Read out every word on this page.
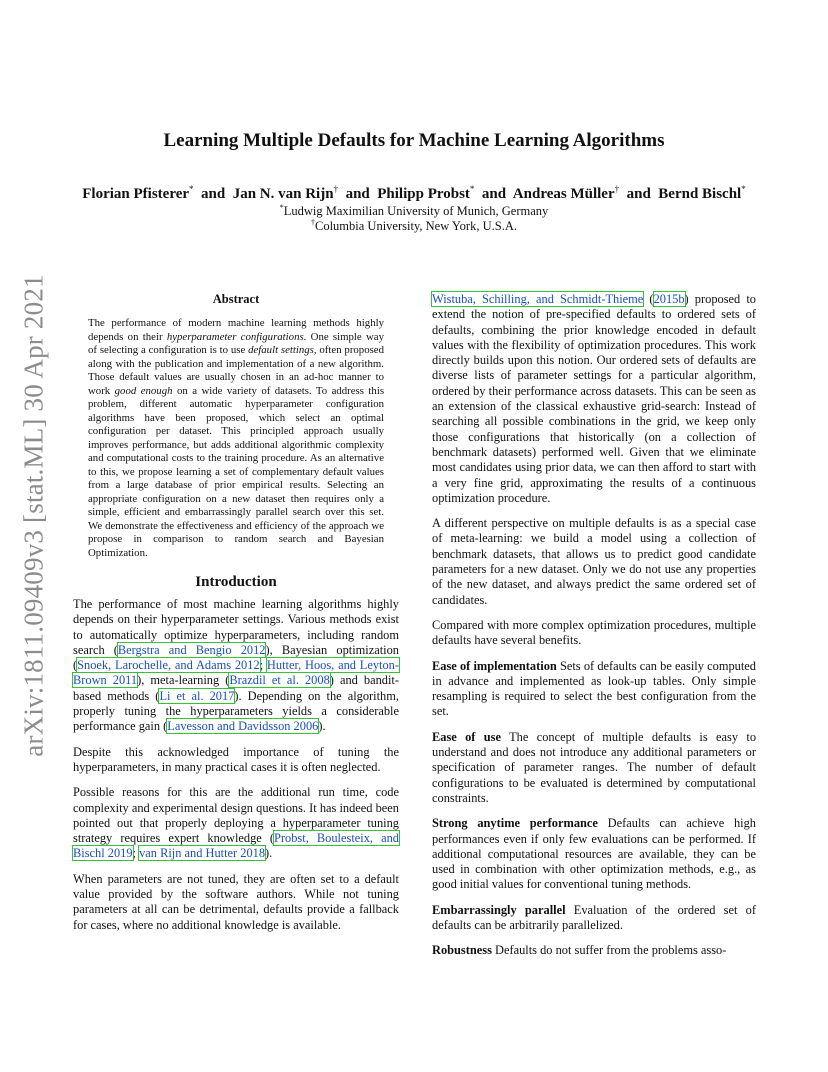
arXiv:1811.09409v3 [stat.ML] 30 Apr 2021
Learning Multiple Defaults for Machine Learning Algorithms
Florian Pfisterer* and Jan N. van Rijn† and Philipp Probst* and Andreas Müller† and Bernd Bischl*
*Ludwig Maximilian University of Munich, Germany
†Columbia University, New York, U.S.A.
Abstract
The performance of modern machine learning methods highly depends on their hyperparameter configurations. One simple way of selecting a configuration is to use default settings, often proposed along with the publication and implementation of a new algorithm. Those default values are usually chosen in an ad-hoc manner to work good enough on a wide variety of datasets. To address this problem, different automatic hyperparameter configuration algorithms have been proposed, which select an optimal configuration per dataset. This principled approach usually improves performance, but adds additional algorithmic complexity and computational costs to the training procedure. As an alternative to this, we propose learning a set of complementary default values from a large database of prior empirical results. Selecting an appropriate configuration on a new dataset then requires only a simple, efficient and embarrassingly parallel search over this set. We demonstrate the effectiveness and efficiency of the approach we propose in comparison to random search and Bayesian Optimization.
Introduction

The performance of most machine learning algorithms highly depends on their hyperparameter settings. Various methods exist to automatically optimize hyperparameters, including random search (Bergstra and Bengio 2012), Bayesian optimization (Snoek, Larochelle, and Adams 2012; Hutter, Hoos, and Leyton-Brown 2011), meta-learning (Brazdil et al. 2008) and bandit-based methods (Li et al. 2017). Depending on the algorithm, properly tuning the hyperparameters yields a considerable performance gain (Lavesson and Davidsson 2006).

Despite this acknowledged importance of tuning the hyperparameters, in many practical cases it is often neglected.

Possible reasons for this are the additional run time, code complexity and experimental design questions. It has indeed been pointed out that properly deploying a hyperparameter tuning strategy requires expert knowledge (Probst, Boulesteix, and Bischl 2019; van Rijn and Hutter 2018).

When parameters are not tuned, they are often set to a default value provided by the software authors. While not tuning parameters at all can be detrimental, defaults provide a fallback for cases, where no additional knowledge is available.

Wistuba, Schilling, and Schmidt-Thieme (2015b) proposed to extend the notion of pre-specified defaults to ordered sets of defaults, combining the prior knowledge encoded in default values with the flexibility of optimization procedures. This work directly builds upon this notion. Our ordered sets of defaults are diverse lists of parameter settings for a particular algorithm, ordered by their performance across datasets. This can be seen as an extension of the classical exhaustive grid-search: Instead of searching all possible combinations in the grid, we keep only those configurations that historically (on a collection of benchmark datasets) performed well. Given that we eliminate most candidates using prior data, we can then afford to start with a very fine grid, approximating the results of a continuous optimization procedure.

A different perspective on multiple defaults is as a special case of meta-learning: we build a model using a collection of benchmark datasets, that allows us to predict good candidate parameters for a new dataset. Only we do not use any properties of the new dataset, and always predict the same ordered set of candidates.

Compared with more complex optimization procedures, multiple defaults have several benefits.

Ease of implementation Sets of defaults can be easily computed in advance and implemented as look-up tables. Only simple resampling is required to select the best configuration from the set.

Ease of use The concept of multiple defaults is easy to understand and does not introduce any additional parameters or specification of parameter ranges. The number of default configurations to be evaluated is determined by computational constraints.

Strong anytime performance Defaults can achieve high performances even if only few evaluations can be performed. If additional computational resources are available, they can be used in combination with other optimization methods, e.g., as good initial values for conventional tuning methods.

Embarrassingly parallel Evaluation of the ordered set of defaults can be arbitrarily parallelized.

Robustness Defaults do not suffer from the problems asso-
